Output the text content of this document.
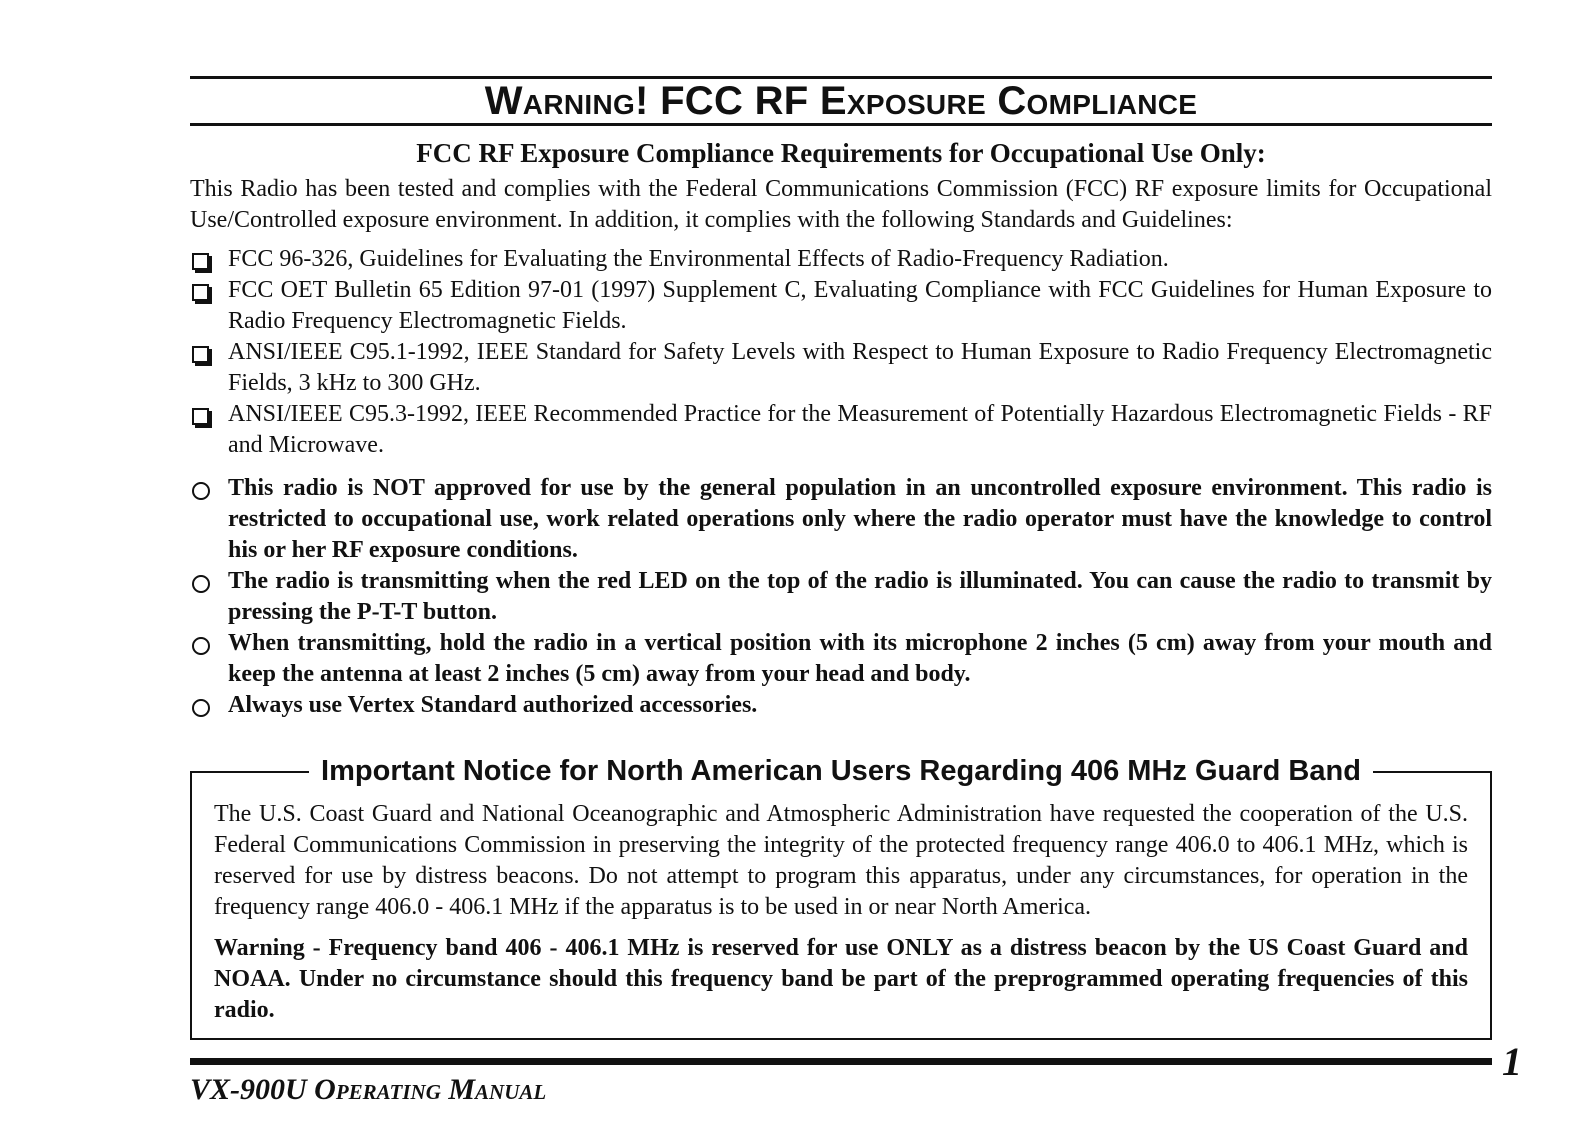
Warning! FCC RF Exposure Compliance
FCC RF Exposure Compliance Requirements for Occupational Use Only:

This Radio has been tested and complies with the Federal Communications Commission (FCC) RF exposure limits for Occupational Use/Controlled exposure environment. In addition, it complies with the following Standards and Guidelines:

FCC 96-326, Guidelines for Evaluating the Environmental Effects of Radio-Frequency Radiation.
FCC OET Bulletin 65 Edition 97-01 (1997) Supplement C, Evaluating Compliance with FCC Guidelines for Human Exposure to Radio Frequency Electromagnetic Fields.
ANSI/IEEE C95.1-1992, IEEE Standard for Safety Levels with Respect to Human Exposure to Radio Frequency Electromagnetic Fields, 3 kHz to 300 GHz.
ANSI/IEEE C95.3-1992, IEEE Recommended Practice for the Measurement of Potentially Hazardous Electromagnetic Fields - RF and Microwave.
This radio is NOT approved for use by the general population in an uncontrolled exposure environment. This radio is restricted to occupational use, work related operations only where the radio operator must have the knowledge to control his or her RF exposure conditions.
The radio is transmitting when the red LED on the top of the radio is illuminated. You can cause the radio to transmit by pressing the P-T-T button.
When transmitting, hold the radio in a vertical position with its microphone 2 inches (5 cm) away from your mouth and keep the antenna at least 2 inches (5 cm) away from your head and body.
Always use Vertex Standard authorized accessories.
Important Notice for North American Users Regarding 406 MHz Guard Band

The U.S. Coast Guard and National Oceanographic and Atmospheric Administration have requested the cooperation of the U.S. Federal Communications Commission in preserving the integrity of the protected frequency range 406.0 to 406.1 MHz, which is reserved for use by distress beacons. Do not attempt to program this apparatus, under any circumstances, for operation in the frequency range 406.0 - 406.1 MHz if the apparatus is to be used in or near North America.

Warning - Frequency band 406 - 406.1 MHz is reserved for use ONLY as a distress beacon by the US Coast Guard and NOAA. Under no circumstance should this frequency band be part of the preprogrammed operating frequencies of this radio.

1
VX-900U Operating Manual
